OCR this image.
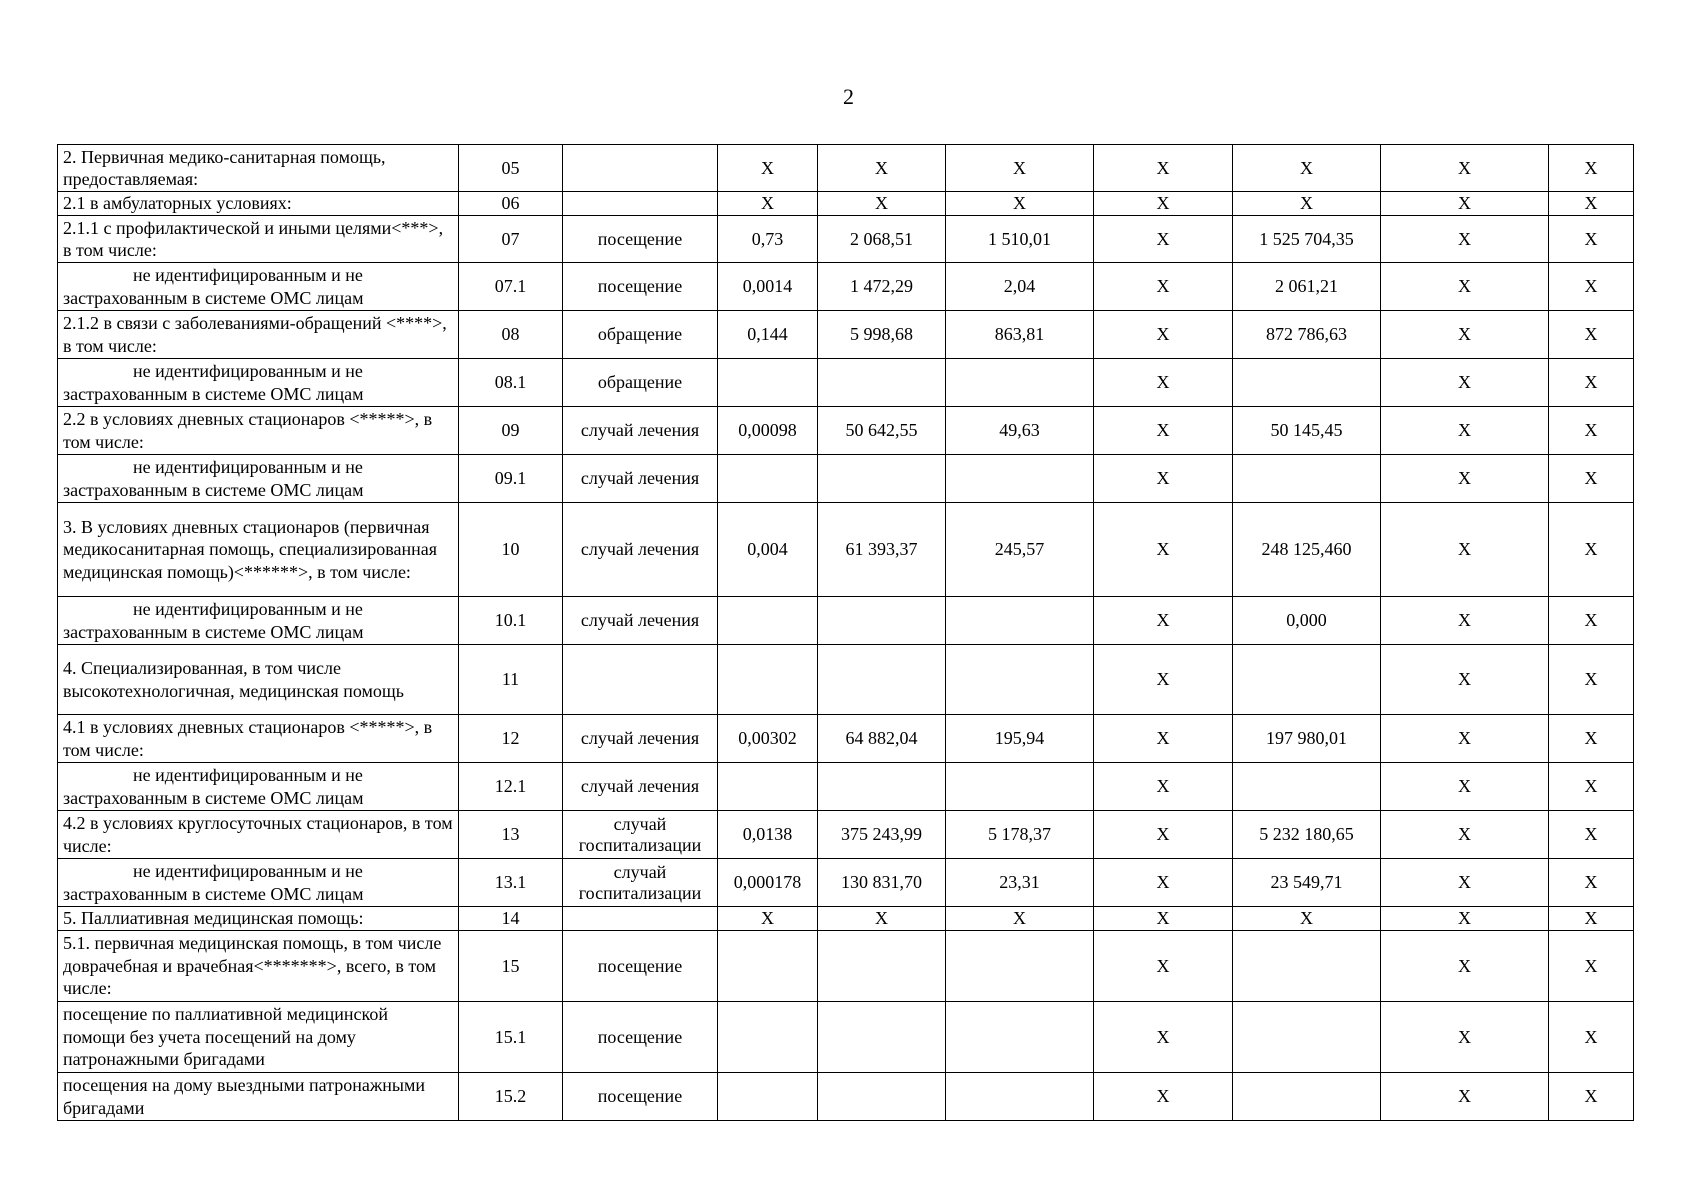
2
2. Первичная медико-санитарная помощь, предоставляемая:	05		X	X	X	X	X	X	X
2.1 в амбулаторных условиях:	06		X	X	X	X	X	X	X
2.1.1 с профилактической и иными целями<***>, в том числе:	07	посещение	0,73	2 068,51	1 510,01	X	1 525 704,35	X	X
не идентифицированным и не застрахованным в системе ОМС лицам	07.1	посещение	0,0014	1 472,29	2,04	X	2 061,21	X	X
2.1.2 в связи с заболеваниями-обращений <****>, в том числе:	08	обращение	0,144	5 998,68	863,81	X	872 786,63	X	X
не идентифицированным и не застрахованным в системе ОМС лицам	08.1	обращение				X		X	X
2.2 в условиях дневных стационаров <*****>, в том числе:	09	случай лечения	0,00098	50 642,55	49,63	X	50 145,45	X	X
не идентифицированным и не застрахованным в системе ОМС лицам	09.1	случай лечения				X		X	X
3. В условиях дневных стационаров (первичная медикосанитарная помощь, специализированная медицинская помощь)<******>, в том числе:	10	случай лечения	0,004	61 393,37	245,57	X	248 125,460	X	X
не идентифицированным и не застрахованным в системе ОМС лицам	10.1	случай лечения				X	0,000	X	X
4. Специализированная, в том числе высокотехнологичная, медицинская помощь	11					X		X	X
4.1 в условиях дневных стационаров <*****>, в том числе:	12	случай лечения	0,00302	64 882,04	195,94	X	197 980,01	X	X
не идентифицированным и не застрахованным в системе ОМС лицам	12.1	случай лечения				X		X	X
4.2 в условиях круглосуточных стационаров, в том числе:	13	случай госпитализации	0,0138	375 243,99	5 178,37	X	5 232 180,65	X	X
не идентифицированным и не застрахованным в системе ОМС лицам	13.1	случай госпитализации	0,000178	130 831,70	23,31	X	23 549,71	X	X
5. Паллиативная медицинская помощь:	14		X	X	X	X	X	X	X
5.1. первичная медицинская помощь, в том числе доврачебная и врачебная<*******>, всего, в том числе:	15	посещение				X		X	X
посещение по паллиативной медицинской помощи без учета посещений на дому патронажными бригадами	15.1	посещение				X		X	X
посещения на дому выездными патронажными бригадами	15.2	посещение				X		X	X
